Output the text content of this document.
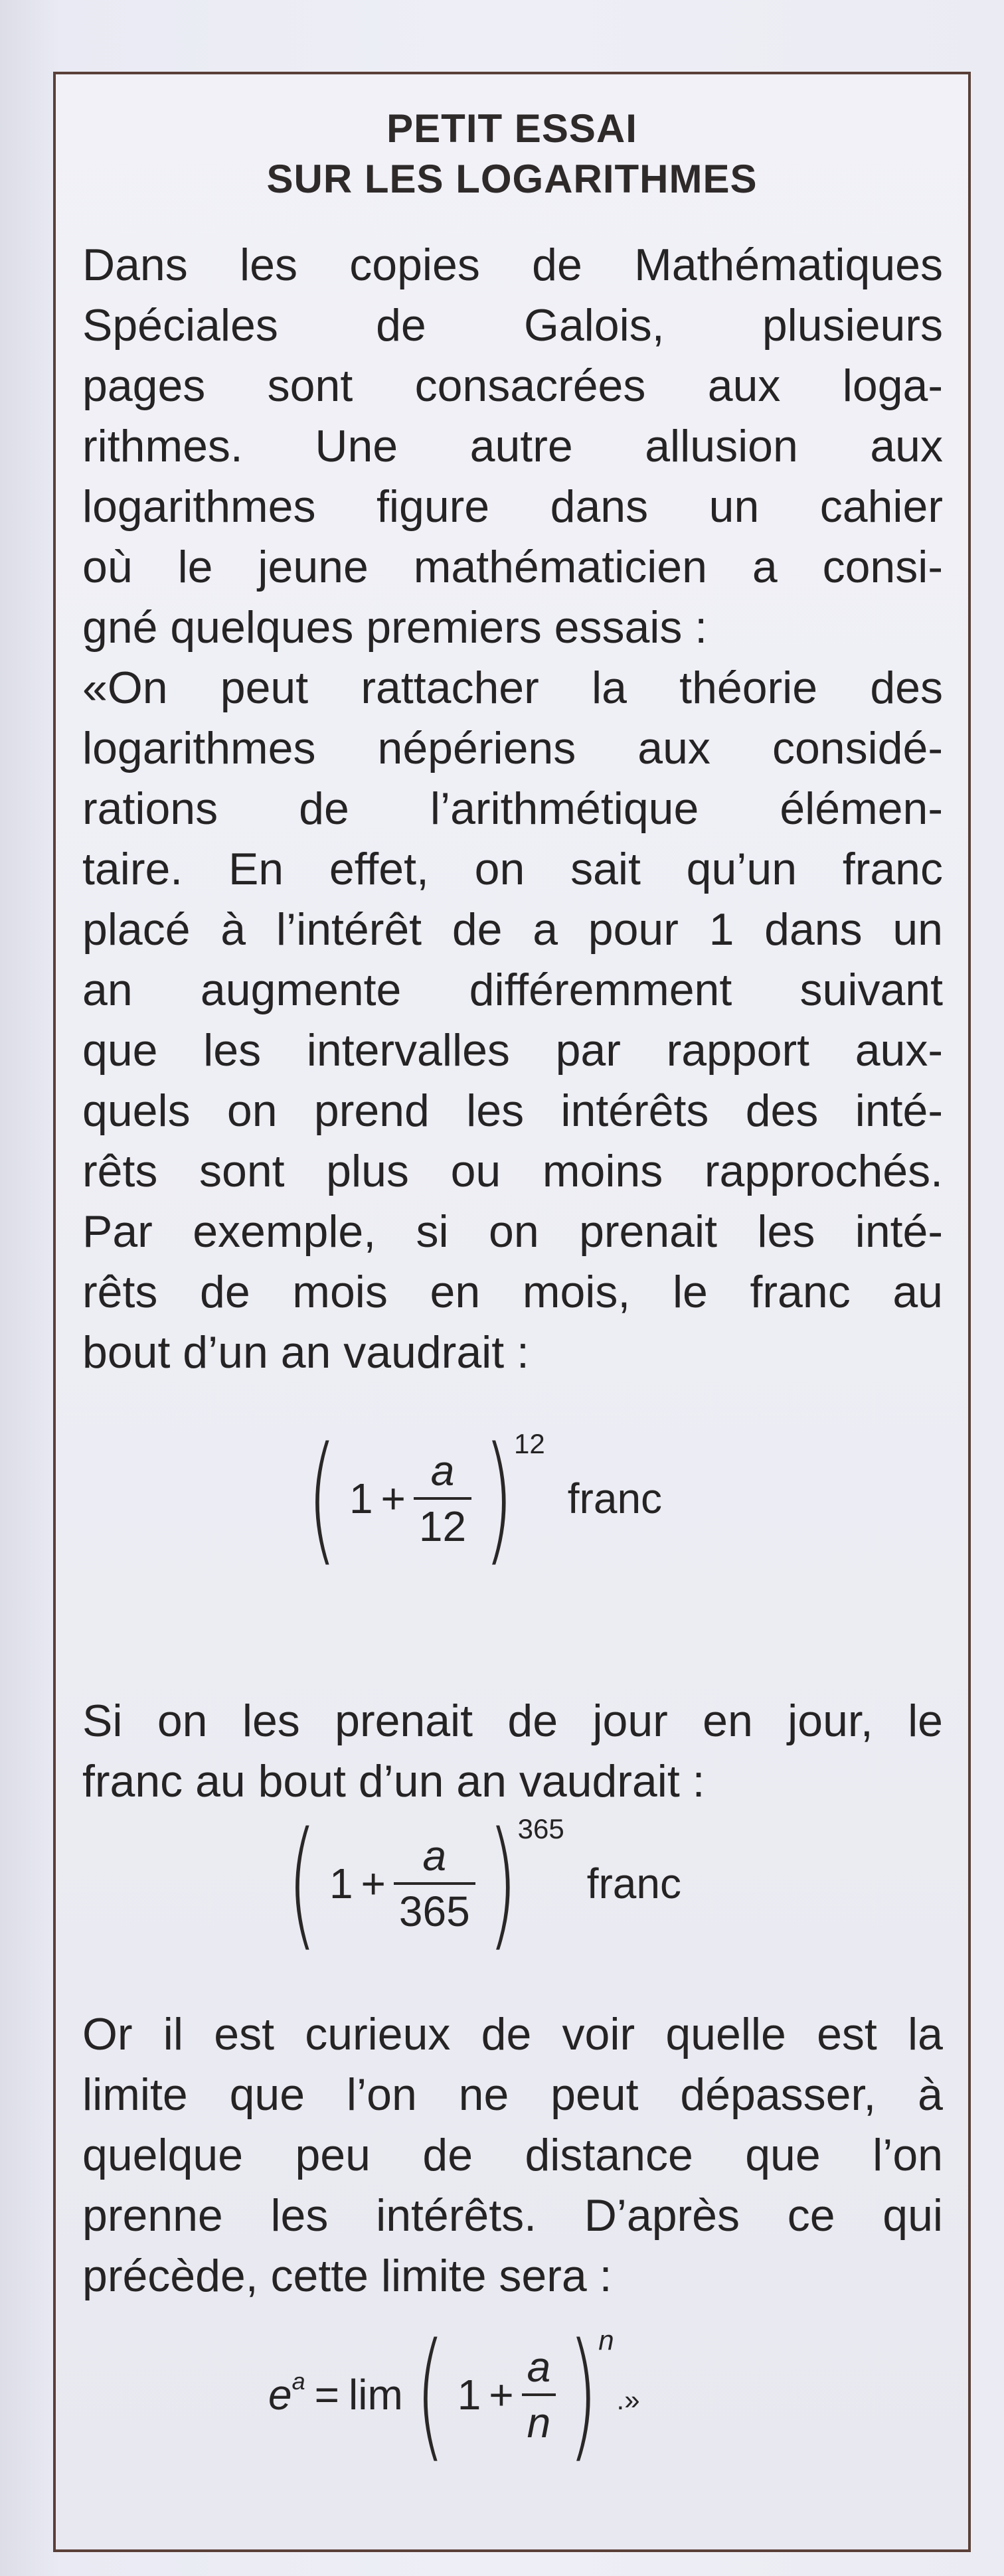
PETIT ESSAI
SUR LES LOGARITHMES
Dans les copies de Mathématiques
Spéciales de Galois, plusieurs
pages sont consacrées aux loga-
rithmes. Une autre allusion aux
logarithmes figure dans un cahier
où le jeune mathématicien a consi-
gné quelques premiers essais :
«On peut rattacher la théorie des
logarithmes népériens aux considé-
rations de l’arithmétique élémen-
taire. En effet, on sait qu’un franc
placé à l’intérêt de a pour 1 dans un
an augmente différemment suivant
que les intervalles par rapport aux-
quels on prend les intérêts des inté-
rêts sont plus ou moins rapprochés.
Par exemple, si on prenait les inté-
rêts de mois en mois, le franc au
bout d’un an vaudrait :
( $1 + \frac{a}{12}$ ) 12
franc
Si on les prenait de jour en jour, le
franc au bout d’un an vaudrait :
( $1 + \frac{a}{365}$ ) 365
franc
Or il est curieux de voir quelle est la
limite que l’on ne peut dépasser, à
quelque peu de distance que l’on
prenne les intérêts. D’après ce qui
précède, cette limite sera :
$e^a = \lim$ ( $1 + \frac{a}{n}$ ) n
.»
